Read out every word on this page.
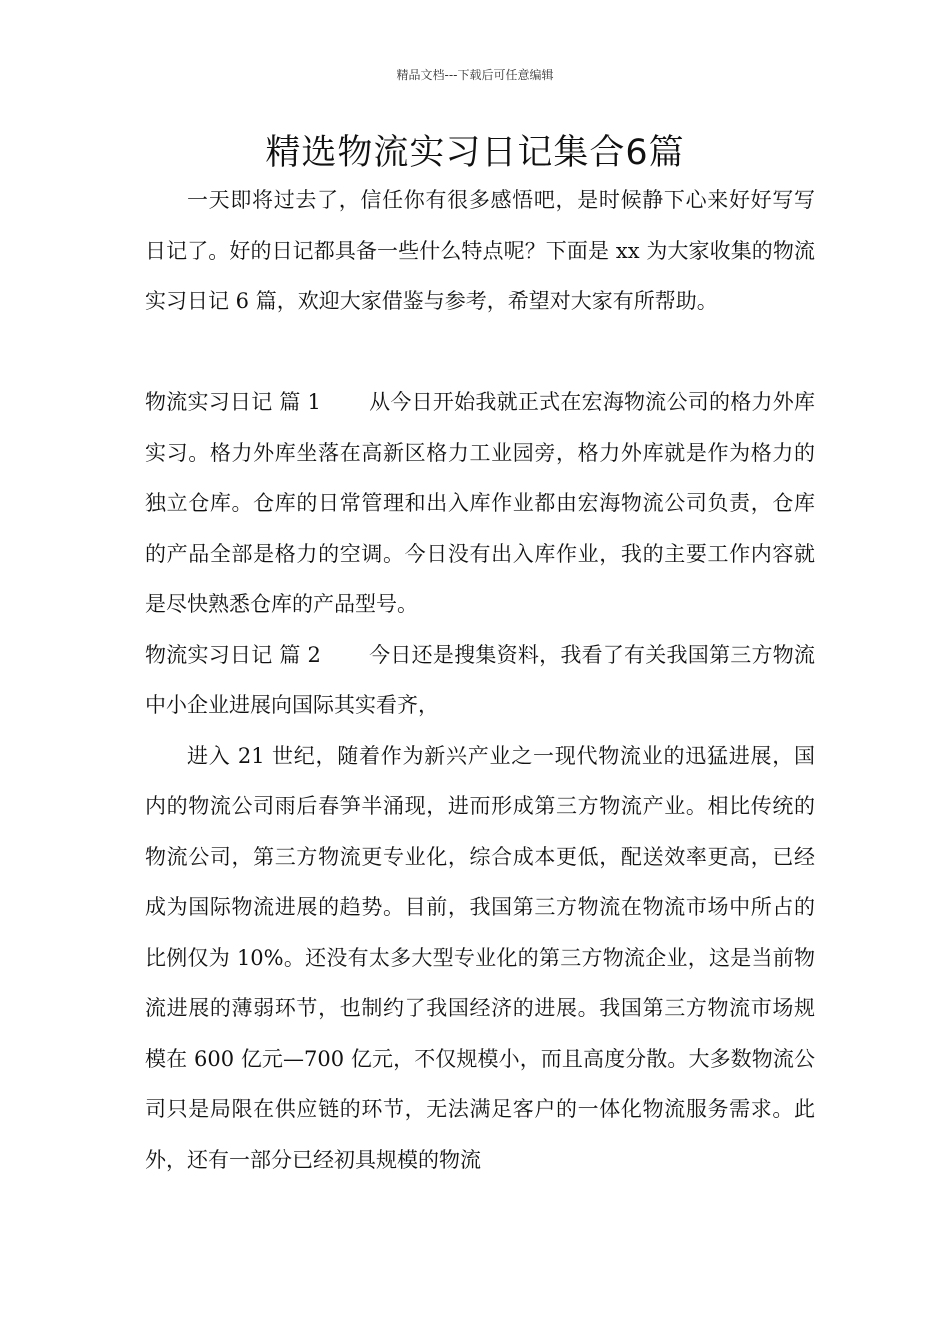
精品文档---下载后可任意编辑
精选物流实习日记集合6篇

一天即将过去了，信任你有很多感悟吧，是时候静下心来好好写写日记了。好的日记都具备一些什么特点呢？下面是 xx 为大家收集的物流实习日记 6 篇，欢迎大家借鉴与参考，希望对大家有所帮助。

物流实习日记 篇 1 从今日开始我就正式在宏海物流公司的格力外库实习。格力外库坐落在高新区格力工业园旁，格力外库就是作为格力的独立仓库。仓库的日常管理和出入库作业都由宏海物流公司负责，仓库的产品全部是格力的空调。今日没有出入库作业，我的主要工作内容就是尽快熟悉仓库的产品型号。

物流实习日记 篇 2 今日还是搜集资料，我看了有关我国第三方物流中小企业进展向国际其实看齐，

进入 21 世纪，随着作为新兴产业之一现代物流业的迅猛进展，国内的物流公司雨后春笋半涌现，进而形成第三方物流产业。相比传统的物流公司，第三方物流更专业化，综合成本更低，配送效率更高，已经成为国际物流进展的趋势。目前，我国第三方物流在物流市场中所占的比例仅为 10%。还没有太多大型专业化的第三方物流企业，这是当前物流进展的薄弱环节，也制约了我国经济的进展。我国第三方物流市场规模在 600 亿元—700 亿元，不仅规模小，而且高度分散。大多数物流公司只是局限在供应链的环节，无法满足客户的一体化物流服务需求。此外，还有一部分已经初具规模的物流
